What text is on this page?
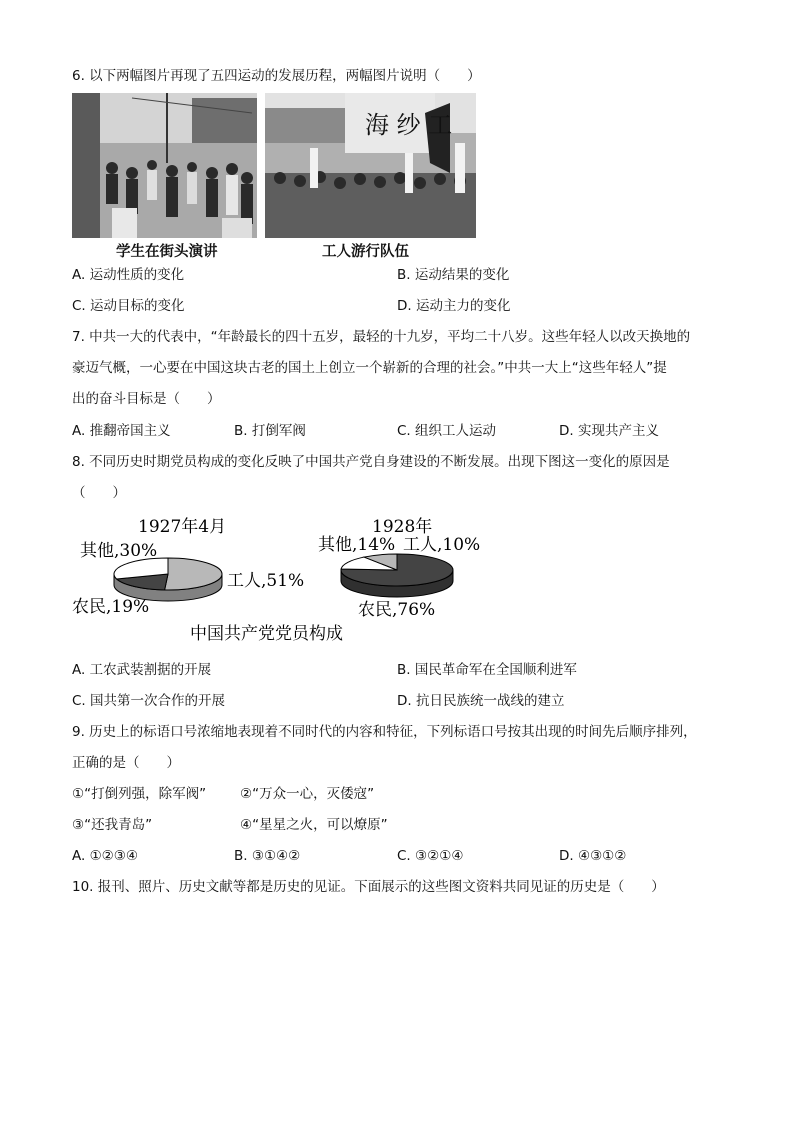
6. 以下两幅图片再现了五四运动的发展历程，两幅图片说明（　　）
海 纱 工
学生在街头演讲	工人游行队伍
A. 运动性质的变化	B. 运动结果的变化
C. 运动目标的变化	D. 运动主力的变化
7. 中共一大的代表中，“年龄最长的四十五岁，最轻的十九岁，平均二十八岁。这些年轻人以改天换地的
豪迈气概，一心要在中国这块古老的国土上创立一个崭新的合理的社会。”中共一大上“这些年轻人”提
出的奋斗目标是（　　）
A. 推翻帝国主义	B. 打倒军阀	C. 组织工人运动	D. 实现共产主义
8. 不同历史时期党员构成的变化反映了中国共产党自身建设的不断发展。出现下图这一变化的原因是
（　　）
1927年4月	1928年
其他,30%
工人,51%
农民,19%
其他,14% 工人,10%
农民,76%
中国共产党党员构成
A. 工农武装割据的开展	B. 国民革命军在全国顺利进军
C. 国共第一次合作的开展	D. 抗日民族统一战线的建立
9. 历史上的标语口号浓缩地表现着不同时代的内容和特征，下列标语口号按其出现的时间先后顺序排列，
正确的是（　　）
①“打倒列强，除军阀”	②“万众一心，灭倭寇”
③“还我青岛”	④“星星之火，可以燎原”
A. ①②③④	B. ③①④②	C. ③②①④	D. ④③①②
10. 报刊、照片、历史文献等都是历史的见证。下面展示的这些图文资料共同见证的历史是（　　）
